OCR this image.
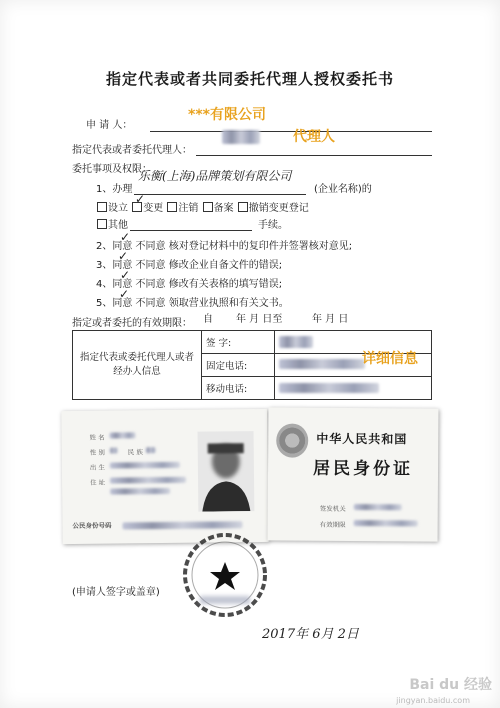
指定代表或者共同委托代理人授权委托书
申 请 人：
***有限公司
指定代表或者委托代理人：
代理人
委托事项及权限：
1、办理
乐衡(上海)品牌策划有限公司
(企业名称)的
设立 变更 注销 备案 撤销变更登记
✓
其他	手续。
2、同意 不同意 核对登记材料中的复印件并签署核对意见;
3、同意 不同意 修改企业自备文件的错误;
4、同意 不同意 修改有关表格的填写错误;
5、同意 不同意 领取营业执照和有关文书。
✓
✓
✓
✓
指定或者委托的有效期限： 自 年 月 日至	年 月 日
指定代表或委托代理人或者经办人信息	签 字:	

	固定电话:	
	移动电话:	
详细信息
姓 名
性 别	民 族
出 生
住 址
公民身份号码
中华人民共和国
居民身份证
签发机关
有效期限
(申请人签字或盖章)
2017年 6月 2日
Bai du 经验
jingyan.baidu.com
